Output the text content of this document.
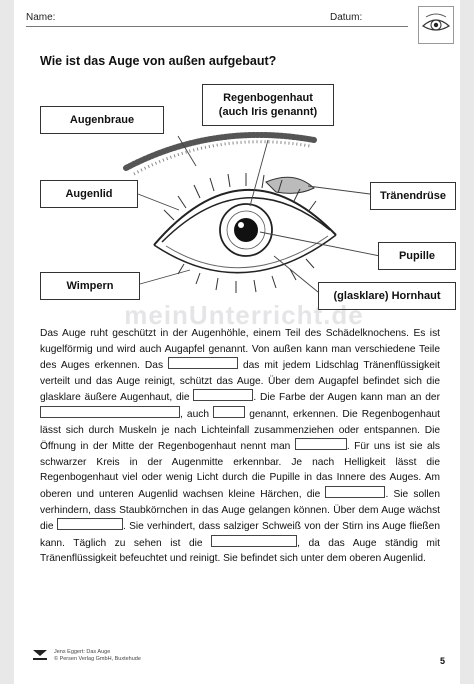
Name:	Datum:
Wie ist das Auge von außen aufgebaut?
Augenbraue
Regenbogenhaut
(auch Iris genannt)
Augenlid	Tränendrüse
Pupille
Wimpern
(glasklare) Hornhaut
meinUnterricht.de
Das Auge ruht geschützt in der Augenhöhle, einem Teil des Schädelknochens. Es ist kugelförmig und wird auch Augapfel genannt. Von außen kann man verschiedene Teile des Auges erkennen. Das	das mit jedem Lidschlag Tränenflüssigkeit verteilt und das Auge reinigt, schützt das Auge. Über dem Augapfel befindet sich die glasklare äußere Augenhaut, die	. Die Farbe der Augen kann man an der , auch	genannt, erkennen. Die Regenbogenhaut lässt sich durch Muskeln je nach Lichteinfall zusammenziehen oder entspannen. Die Öffnung in der Mitte der Regenbogenhaut nennt man	. Für uns ist sie als schwarzer Kreis in der Augenmitte erkennbar. Je nach Helligkeit lässt die Regenbogenhaut viel oder wenig Licht durch die Pupille in das Innere des Auges. Am oberen und unteren Augenlid wachsen kleine Härchen, die	. Sie sollen verhindern, dass Staubkörnchen in das Auge gelangen können. Über dem Auge wächst die	. Sie verhindert, dass salziger Schweiß von der Stirn ins Auge fließen kann. Täglich zu sehen ist die	, da das Auge ständig mit Tränenflüssigkeit befeuchtet und reinigt. Sie befindet sich unter dem oberen Augenlid.
Jens Eggert: Das Auge
© Persen Verlag GmbH, Buxtehude	5
